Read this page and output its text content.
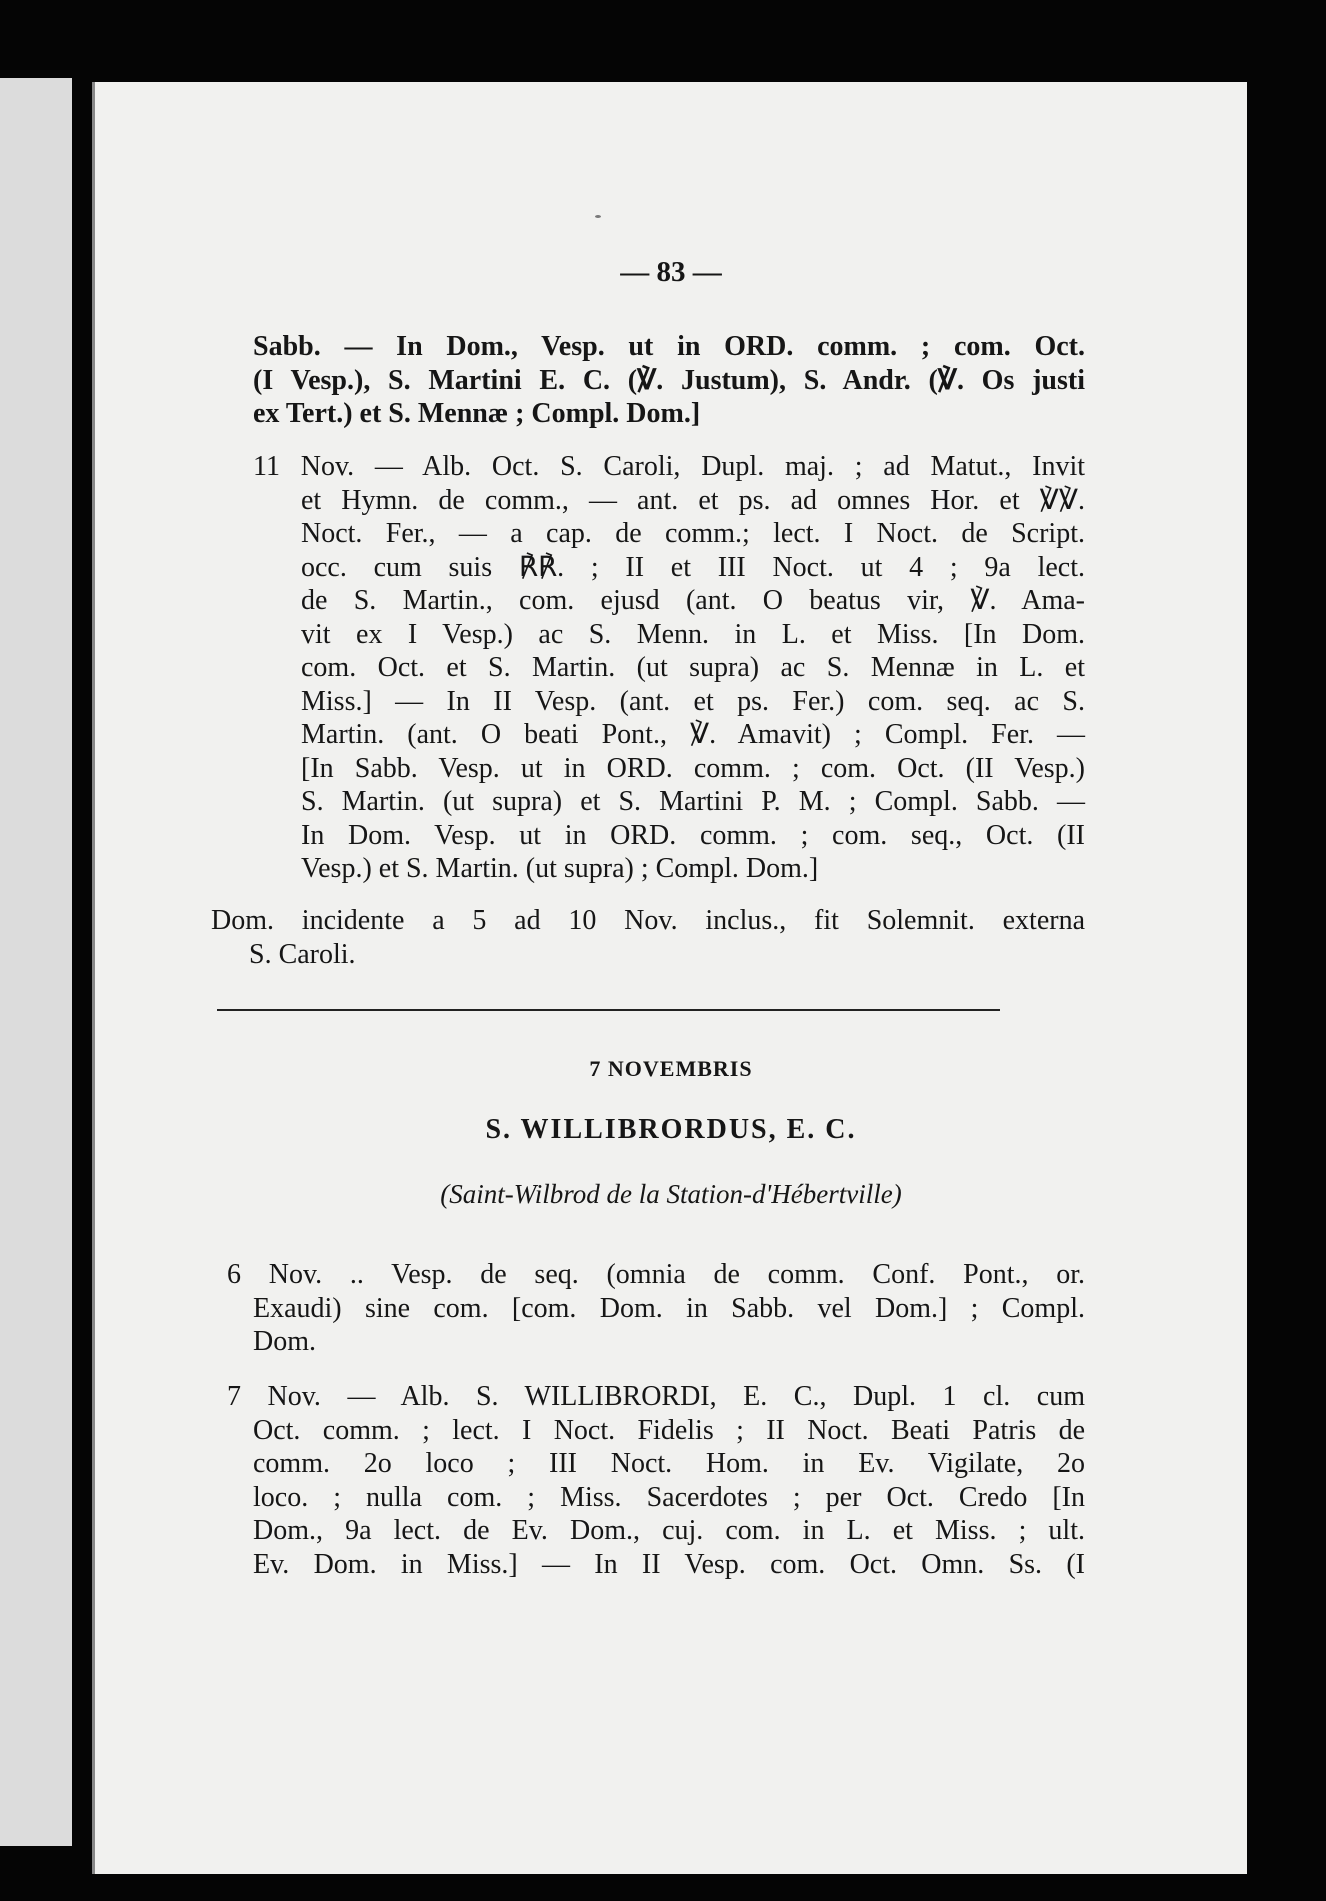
— 83 —
Sabb. — In Dom., Vesp. ut in ORD. comm. ; com. Oct.
(I Vesp.), S. Martini E. C. (℣. Justum), S. Andr. (℣. Os justi
ex Tert.) et S. Mennæ ; Compl. Dom.]
11 Nov. — Alb. Oct. S. Caroli, Dupl. maj. ; ad Matut., Invit
et Hymn. de comm., — ant. et ps. ad omnes Hor. et ℣℣.
Noct. Fer., — a cap. de comm.; lect. I Noct. de Script.
occ. cum suis ℟℟. ; II et III Noct. ut 4 ; 9a lect.
de S. Martin., com. ejusd (ant. O beatus vir, ℣. Ama-
vit ex I Vesp.) ac S. Menn. in L. et Miss. [In Dom.
com. Oct. et S. Martin. (ut supra) ac S. Mennæ in L. et
Miss.] — In II Vesp. (ant. et ps. Fer.) com. seq. ac S.
Martin. (ant. O beati Pont., ℣. Amavit) ; Compl. Fer. —
[In Sabb. Vesp. ut in ORD. comm. ; com. Oct. (II Vesp.)
S. Martin. (ut supra) et S. Martini P. M. ; Compl. Sabb. —
In Dom. Vesp. ut in ORD. comm. ; com. seq., Oct. (II
Vesp.) et S. Martin. (ut supra) ; Compl. Dom.]
Dom. incidente a 5 ad 10 Nov. inclus., fit Solemnit. externa
S. Caroli.
7 NOVEMBRIS
S. WILLIBRORDUS, E. C.
(Saint-Wilbrod de la Station-d'Hébertville)
6 Nov. .. Vesp. de seq. (omnia de comm. Conf. Pont., or.
Exaudi) sine com. [com. Dom. in Sabb. vel Dom.] ; Compl.
Dom.
7 Nov. — Alb. S. WILLIBRORDI, E. C., Dupl. 1 cl. cum
Oct. comm. ; lect. I Noct. Fidelis ; II Noct. Beati Patris de
comm. 2o loco ; III Noct. Hom. in Ev. Vigilate, 2o
loco. ; nulla com. ; Miss. Sacerdotes ; per Oct. Credo [In
Dom., 9a lect. de Ev. Dom., cuj. com. in L. et Miss. ; ult.
Ev. Dom. in Miss.] — In II Vesp. com. Oct. Omn. Ss. (I
